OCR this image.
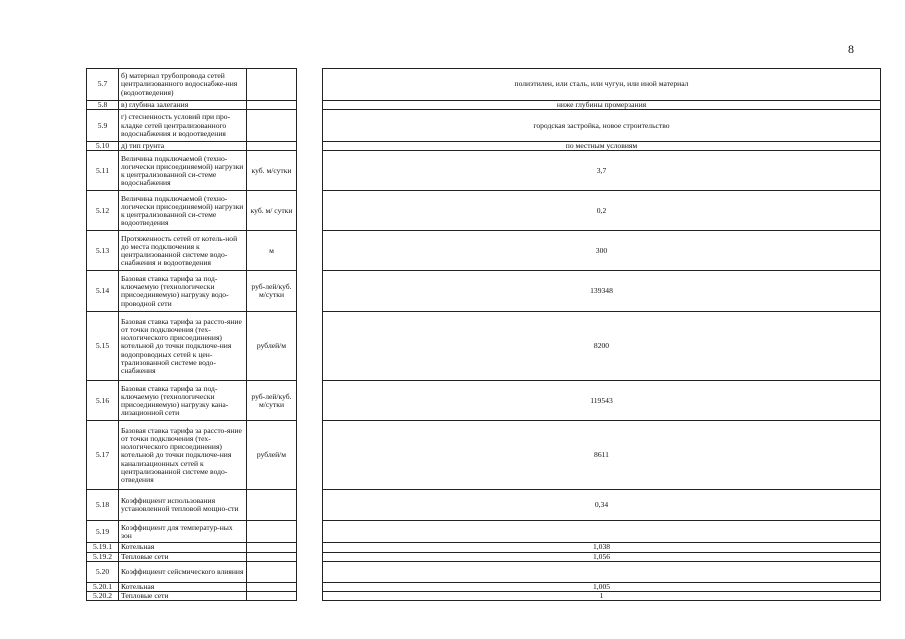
8
5.7	б) материал трубопровода сетей централизованного водоснабже-ния (водоотведения)			полиэтилен, или сталь, или чугун, или иной материал
5.8	в) глубина залегания			ниже глубины промерзания
5.9	г) стесненность условий при про-кладке сетей централизованного водоснабжения и водоотведения			городская застройка, новое строительство
5.10	д) тип грунта			по местным условиям
5.11	Величина подключаемой (техно-логически присоединяемой) нагрузки к централизованной си-стеме водоснабжения	куб. м/сутки		3,7
5.12	Величина подключаемой (техно-логически присоединяемой) нагрузки к централизованной си-стеме водоотведения	куб. м/ сутки		0,2
5.13	Протяженность сетей от котель-ной до места подключения к централизованной системе водо-снабжения и водоотведения	м		300
5.14	Базовая ставка тарифа за под-ключаемую (технологически присоединяемую) нагрузку водо-проводной сети	руб-лей/куб. м/сутки		139348
5.15	Базовая ставка тарифа за рассто-яние от точки подключения (тех-нологического присоединения) котельной до точки подключе-ния водопроводных сетей к цен-трализованной системе водо-снабжения	рублей/м		8200
5.16	Базовая ставка тарифа за под-ключаемую (технологически присоединяемую) нагрузку кана-лизационной сети	руб-лей/куб. м/сутки		119543
5.17	Базовая ставка тарифа за рассто-яние от точки подключения (тех-нологического присоединения) котельной до точки подключе-ния канализационных сетей к централизованной системе водо-отведения	рублей/м		8611
5.18	Коэффициент использования установленной тепловой мощно-сти			0,34
5.19	Коэффициент для температур-ных зон			
5.19.1	Котельная			1,038
5.19.2	Тепловые сети			1,056
5.20	Коэффициент сейсмического влияния			
5.20.1	Котельная			1,005
5.20.2	Тепловые сети			1
